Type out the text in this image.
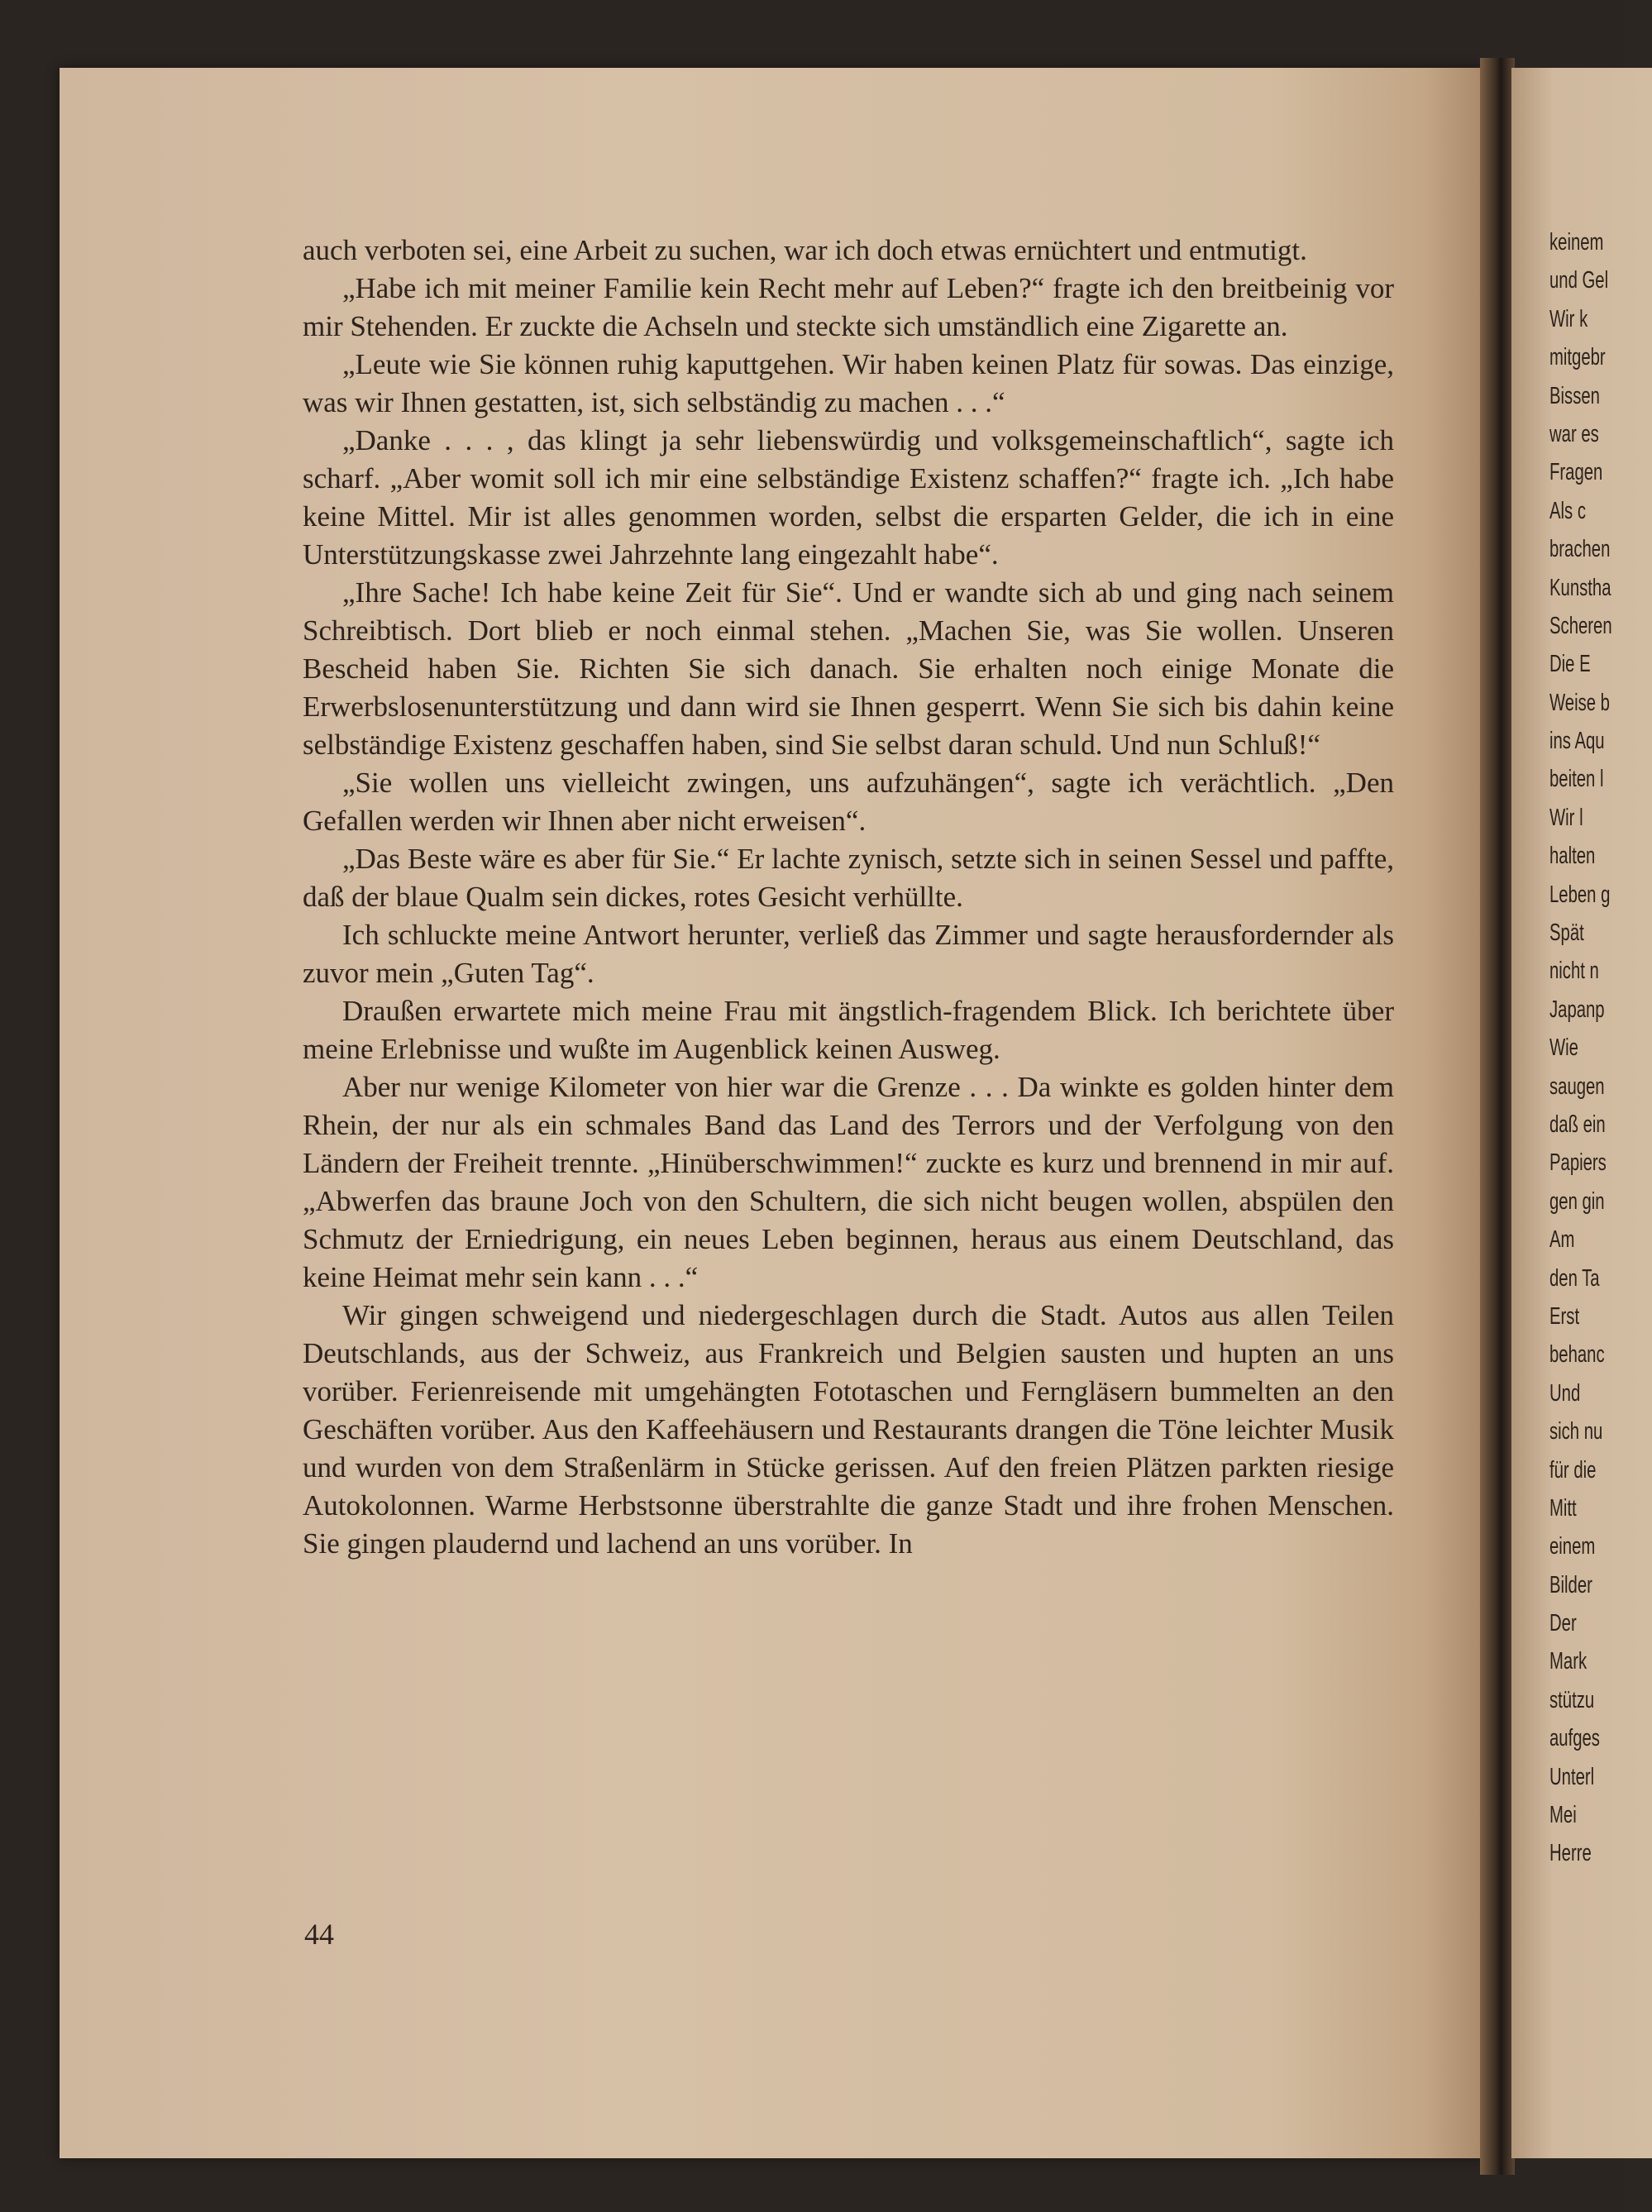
auch verboten sei, eine Arbeit zu suchen, war ich doch etwas ernüchtert und entmutigt.

„Habe ich mit meiner Familie kein Recht mehr auf Leben?“ fragte ich den breitbeinig vor mir Stehenden. Er zuckte die Achseln und steckte sich umständlich eine Zigarette an.

„Leute wie Sie können ruhig kaputtgehen. Wir haben keinen Platz für sowas. Das einzige, was wir Ihnen gestatten, ist, sich selbständig zu machen . . .“

„Danke . . . , das klingt ja sehr liebenswürdig und volksgemeinschaftlich“, sagte ich scharf. „Aber womit soll ich mir eine selbständige Existenz schaffen?“ fragte ich. „Ich habe keine Mittel. Mir ist alles genommen worden, selbst die ersparten Gelder, die ich in eine Unterstützungskasse zwei Jahrzehnte lang eingezahlt habe“.

„Ihre Sache! Ich habe keine Zeit für Sie“. Und er wandte sich ab und ging nach seinem Schreibtisch. Dort blieb er noch einmal stehen. „Machen Sie, was Sie wollen. Unseren Bescheid haben Sie. Richten Sie sich danach. Sie erhalten noch einige Monate die Erwerbslosenunterstützung und dann wird sie Ihnen gesperrt. Wenn Sie sich bis dahin keine selbständige Existenz geschaffen haben, sind Sie selbst daran schuld. Und nun Schluß!“

„Sie wollen uns vielleicht zwingen, uns aufzuhängen“, sagte ich verächtlich. „Den Gefallen werden wir Ihnen aber nicht erweisen“.

„Das Beste wäre es aber für Sie.“ Er lachte zynisch, setzte sich in seinen Sessel und paffte, daß der blaue Qualm sein dickes, rotes Gesicht verhüllte.

Ich schluckte meine Antwort herunter, verließ das Zimmer und sagte herausfordernder als zuvor mein „Guten Tag“.

Draußen erwartete mich meine Frau mit ängstlich-fragendem Blick. Ich berichtete über meine Erlebnisse und wußte im Augenblick keinen Ausweg.

Aber nur wenige Kilometer von hier war die Grenze . . . Da winkte es golden hinter dem Rhein, der nur als ein schmales Band das Land des Terrors und der Verfolgung von den Ländern der Freiheit trennte. „Hinüberschwimmen!“ zuckte es kurz und brennend in mir auf. „Abwerfen das braune Joch von den Schultern, die sich nicht beugen wollen, abspülen den Schmutz der Erniedrigung, ein neues Leben beginnen, heraus aus einem Deutschland, das keine Heimat mehr sein kann . . .“

Wir gingen schweigend und niedergeschlagen durch die Stadt. Autos aus allen Teilen Deutschlands, aus der Schweiz, aus Frankreich und Belgien sausten und hupten an uns vorüber. Ferienreisende mit umgehängten Fototaschen und Ferngläsern bummelten an den Geschäften vorüber. Aus den Kaffeehäusern und Restaurants drangen die Töne leichter Musik und wurden von dem Straßenlärm in Stücke gerissen. Auf den freien Plätzen parkten riesige Autokolonnen. Warme Herbstsonne überstrahlte die ganze Stadt und ihre frohen Menschen. Sie gingen plaudernd und lachend an uns vorüber. In

44
keinem
und Gel
Wir k
mitgebr
Bissen
war es
Fragen
Als c
brachen
Kunstha
Scheren
Die E
Weise b
ins Aqu
beiten l
Wir l
halten
Leben g
Spät
nicht n
Japanp
Wie
saugen
daß ein
Papiers
gen gin
Am
den Ta
Erst
behanc
Und
sich nu
für die
Mitt
einem
Bilder
Der
Mark
stützu
aufges
Unterl
Mei
Herre
